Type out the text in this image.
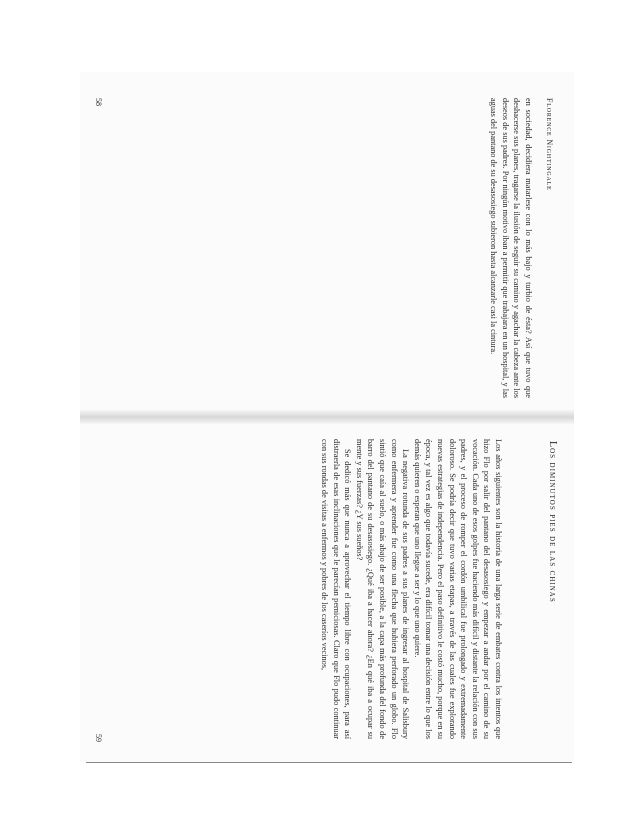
Florence Nightingale

en sociedad, decidiera matarlese con lo más bajo y turbio de ésta? Así que tuvo que deshacerse sus planes, tragarse la ilusión de seguir su camino y agachar la cabeza ante los deseos de sus padres. Por ningún motivo iban a permitir que trabajara en un hospital, y las aguas del pantano de su desasosiego subieron hasta alcanzarle casi la cintura.

58
Los diminutos pies de las chinas

Los años siguientes son la historia de una larga serie de embates contra los intentos que hizo Flo por salir del pantano del desasosiego y empezar a andar por el camino de su vocación. Cada uno de esos golpes fue haciendo más difícil y distante la relación con sus padres, y el proceso de romper el cordón umbilical fue prolongado y extremadamente doloroso. Se podría decir que tuvo varias etapas, a través de las cuales fue explorando nuevas estrategias de independencia. Pero el paso definitivo le costó mucho, porque en su época, y tal vez es algo que todavía sucede, era difícil tomar una decisión entre lo que los demás quieren o esperan que uno llegue a ser y lo que uno quiere.

La negativa rotunda de sus padres a sus planes de ingresar al hospital de Salisbury como enfermera y aprender fue como una flecha que hubiera perforado un globo. Flo sintió que caía al suelo, o más abajo de ser posible, a la capa más profunda del fondo de barro del pantano de su desasosiego. ¿Qué iba a hacer ahora? ¿En qué iba a ocupar su mente y sus fuerzas? ¿Y sus sueños?

Se dedicó más que nunca a aprovechar el tiempo libre con ocupaciones, para así distraerla de esas inclinaciones que le parecían perniciosas. Claro que Flo pudo continuar con sus rondas de visitas a enfermos y pobres de los caseríos vecinos,

59
